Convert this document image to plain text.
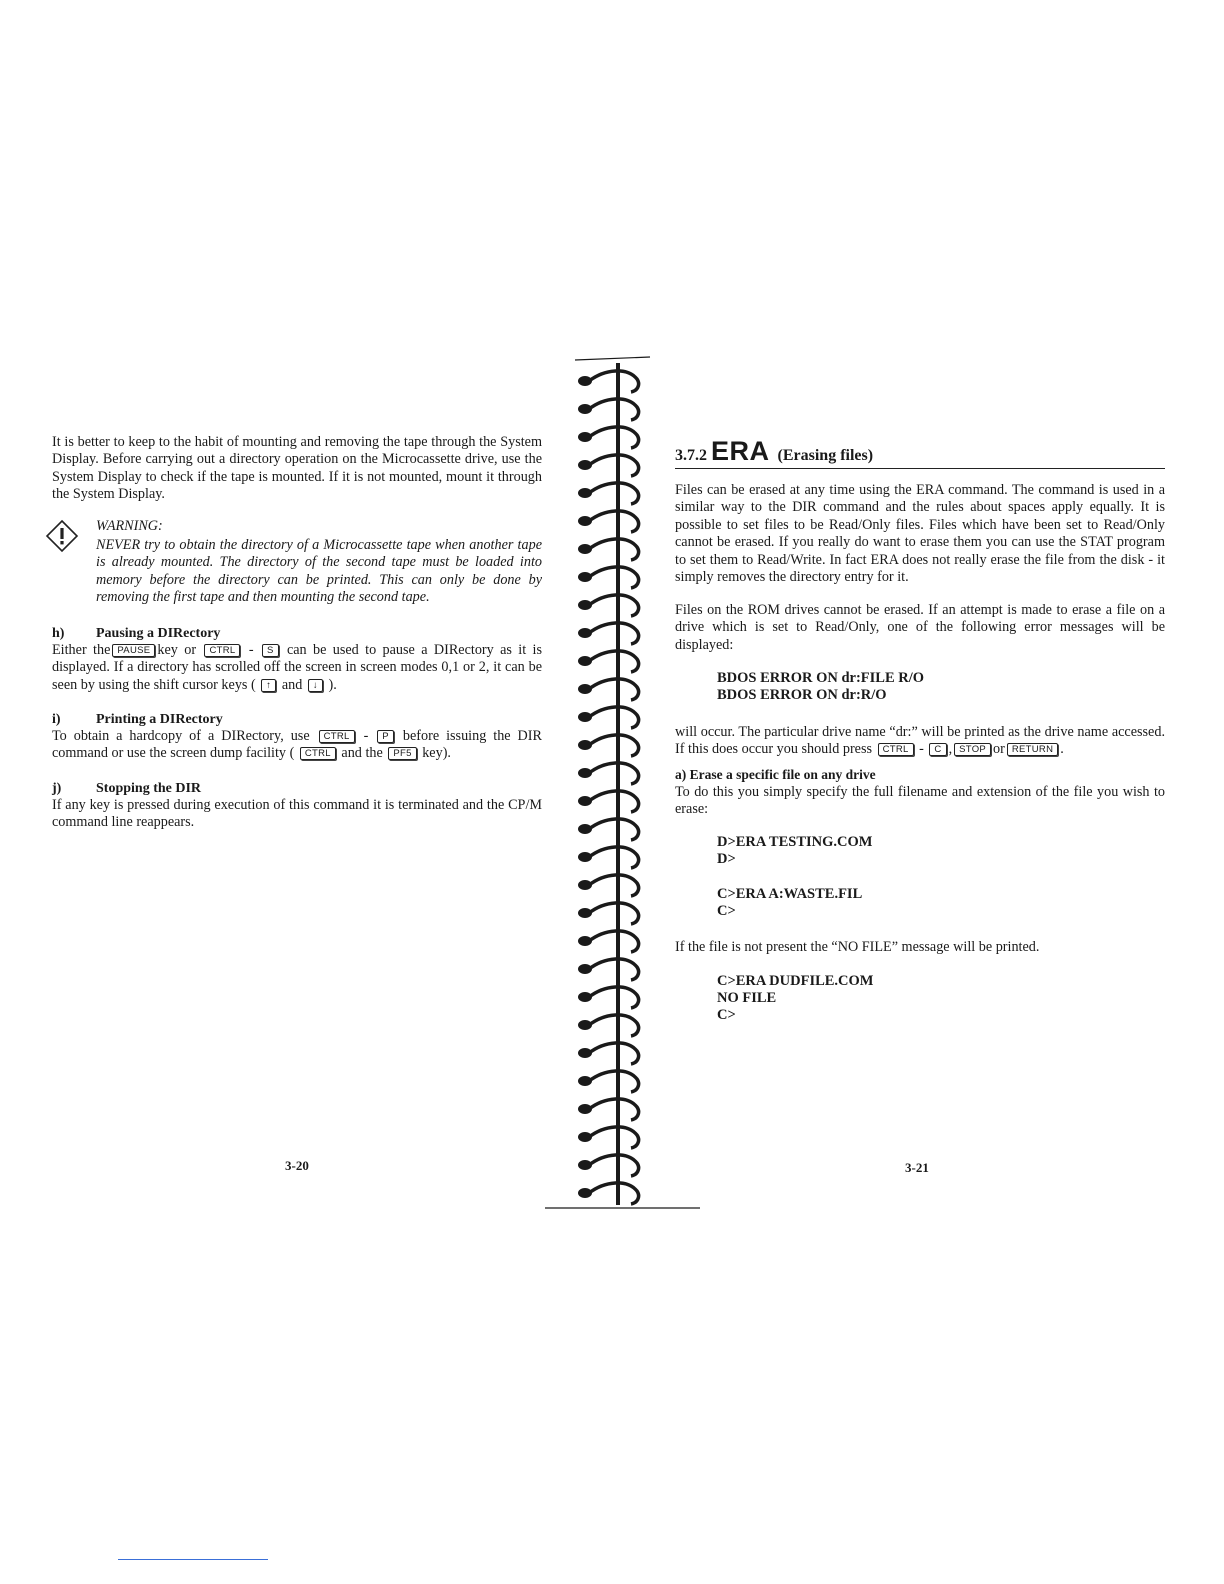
It is better to keep to the habit of mounting and removing the tape through the System Display. Before carrying out a directory operation on the Microcassette drive, use the System Display to check if the tape is mounted. If it is not mounted, mount it through the System Display.

WARNING:

NEVER try to obtain the directory of a Microcassette tape when another tape is already mounted. The directory of the second tape must be loaded into memory before the directory can be printed. This can only be done by removing the first tape and then mounting the second tape.

h) Pausing a DIRectory

Either the PAUSE key or CTRL - S can be used to pause a DIRectory as it is displayed. If a directory has scrolled off the screen in screen modes 0,1 or 2, it can be seen by using the shift cursor keys ( ↑ and ↓ ).

i)	Printing a DIRectory

To obtain a hardcopy of a DIRectory, use CTRL - P before issuing the DIR command or use the screen dump facility ( CTRL and the PF5 key).

j) Stopping the DIR

If any key is pressed during execution of this command it is terminated and the CP/M command line reappears.

3-20
3.7.2 ERA (Erasing files)

Files can be erased at any time using the ERA command. The command is used in a similar way to the DIR command and the rules about spaces apply equally. It is possible to set files to be Read/Only files. Files which have been set to Read/Only cannot be erased. If you really do want to erase them you can use the STAT program to set them to Read/Write. In fact ERA does not really erase the file from the disk - it simply removes the directory entry for it.

Files on the ROM drives cannot be erased. If an attempt is made to erase a file on a drive which is set to Read/Only, one of the following error messages will be displayed:

BDOS ERROR ON dr:FILE R/O
BDOS ERROR ON dr:R/O

will occur. The particular drive name “dr:” will be printed as the drive name accessed. If this does occur you should press CTRL - C , STOP or RETURN .

a) Erase a specific file on any drive

To do this you simply specify the full filename and extension of the file you wish to erase:

D>ERA TESTING.COM
D>
C>ERA A:WASTE.FIL
C>

If the file is not present the “NO FILE” message will be printed.

C>ERA DUDFILE.COM
NO FILE
C>
3-21
